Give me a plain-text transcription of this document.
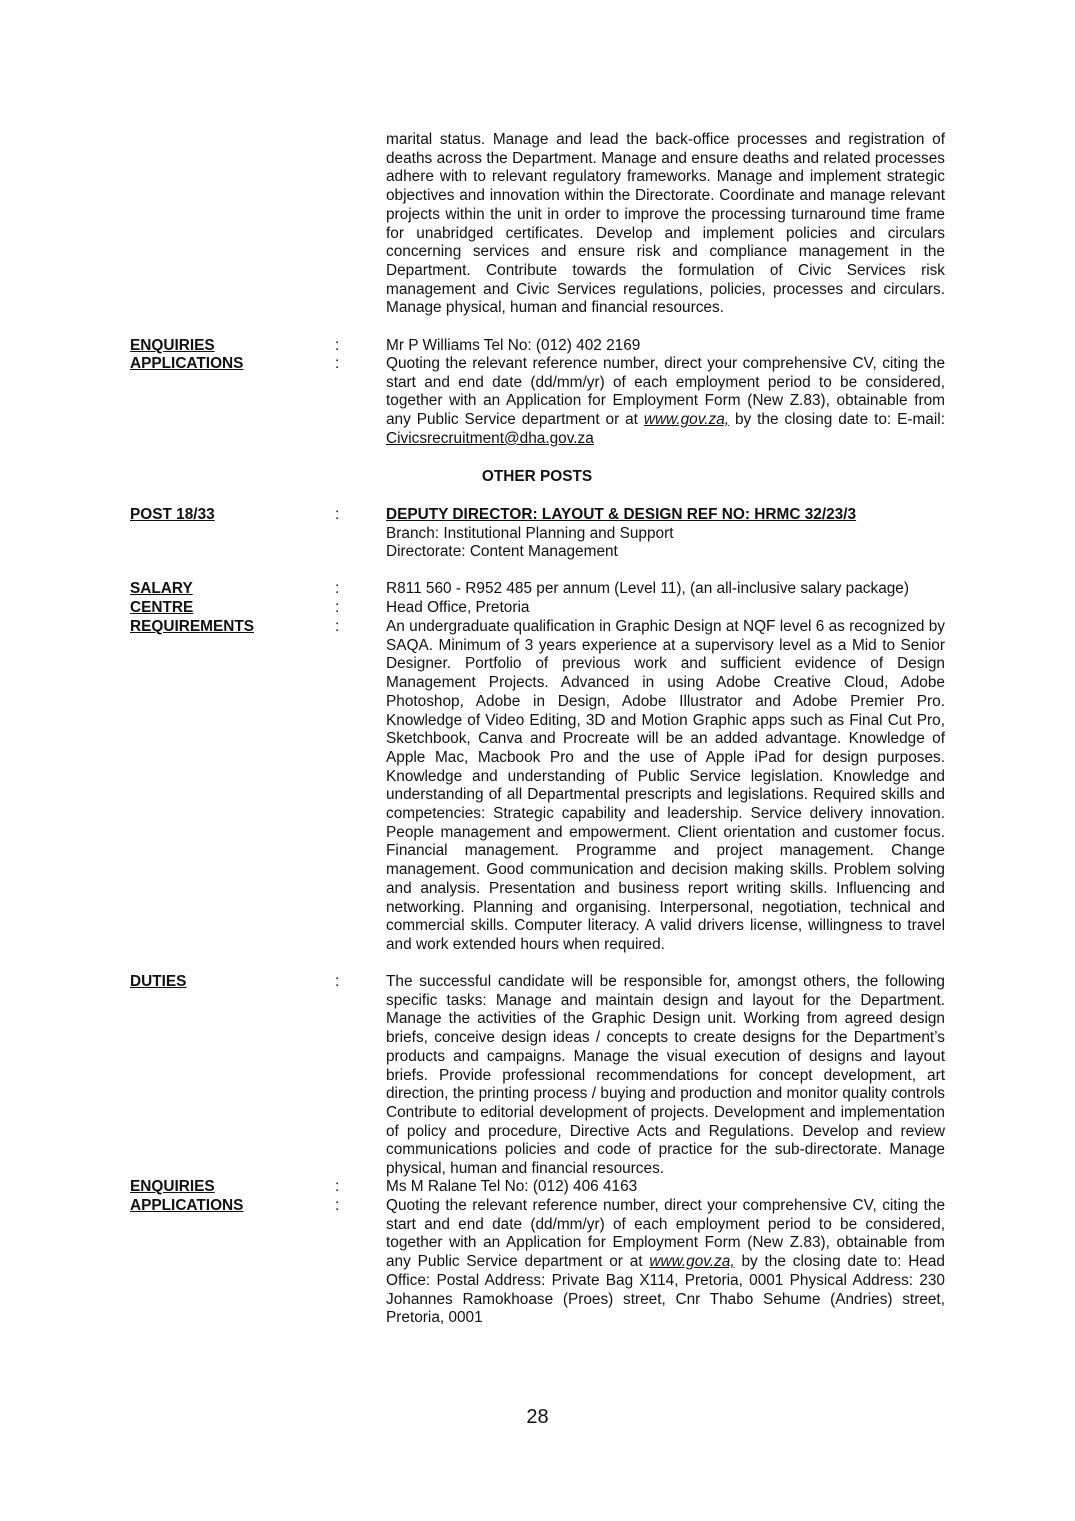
marital status. Manage and lead the back-office processes and registration of deaths across the Department. Manage and ensure deaths and related processes adhere with to relevant regulatory frameworks. Manage and implement strategic objectives and innovation within the Directorate. Coordinate and manage relevant projects within the unit in order to improve the processing turnaround time frame for unabridged certificates. Develop and implement policies and circulars concerning services and ensure risk and compliance management in the Department. Contribute towards the formulation of Civic Services risk management and Civic Services regulations, policies, processes and circulars. Manage physical, human and financial resources.
ENQUIRIES	:	Mr P Williams Tel No: (012) 402 2169
APPLICATIONS	:	Quoting the relevant reference number, direct your comprehensive CV, citing the start and end date (dd/mm/yr) of each employment period to be considered, together with an Application for Employment Form (New Z.83), obtainable from any Public Service department or at www.gov.za, by the closing date to: E-mail: Civicsrecruitment@dha.gov.za
OTHER POSTS
POST 18/33	:	DEPUTY DIRECTOR: LAYOUT & DESIGN REF NO: HRMC 32/23/3
Branch: Institutional Planning and Support
Directorate: Content Management
SALARY	:	R811 560 - R952 485 per annum (Level 11), (an all-inclusive salary package)
CENTRE	:	Head Office, Pretoria
REQUIREMENTS	:	An undergraduate qualification in Graphic Design at NQF level 6 as recognized by SAQA. Minimum of 3 years experience at a supervisory level as a Mid to Senior Designer. Portfolio of previous work and sufficient evidence of Design Management Projects. Advanced in using Adobe Creative Cloud, Adobe Photoshop, Adobe in Design, Adobe Illustrator and Adobe Premier Pro. Knowledge of Video Editing, 3D and Motion Graphic apps such as Final Cut Pro, Sketchbook, Canva and Procreate will be an added advantage. Knowledge of Apple Mac, Macbook Pro and the use of Apple iPad for design purposes. Knowledge and understanding of Public Service legislation. Knowledge and understanding of all Departmental prescripts and legislations. Required skills and competencies: Strategic capability and leadership. Service delivery innovation. People management and empowerment. Client orientation and customer focus. Financial management. Programme and project management. Change management. Good communication and decision making skills. Problem solving and analysis. Presentation and business report writing skills. Influencing and networking. Planning and organising. Interpersonal, negotiation, technical and commercial skills. Computer literacy. A valid drivers license, willingness to travel and work extended hours when required.
DUTIES	:	The successful candidate will be responsible for, amongst others, the following specific tasks: Manage and maintain design and layout for the Department. Manage the activities of the Graphic Design unit. Working from agreed design briefs, conceive design ideas / concepts to create designs for the Department’s products and campaigns. Manage the visual execution of designs and layout briefs. Provide professional recommendations for concept development, art direction, the printing process / buying and production and monitor quality controls Contribute to editorial development of projects. Development and implementation of policy and procedure, Directive Acts and Regulations. Develop and review communications policies and code of practice for the sub-directorate. Manage physical, human and financial resources.
ENQUIRIES	:	Ms M Ralane Tel No: (012) 406 4163
APPLICATIONS	:	Quoting the relevant reference number, direct your comprehensive CV, citing the start and end date (dd/mm/yr) of each employment period to be considered, together with an Application for Employment Form (New Z.83), obtainable from any Public Service department or at www.gov.za, by the closing date to: Head Office: Postal Address: Private Bag X114, Pretoria, 0001 Physical Address: 230 Johannes Ramokhoase (Proes) street, Cnr Thabo Sehume (Andries) street, Pretoria, 0001
28
